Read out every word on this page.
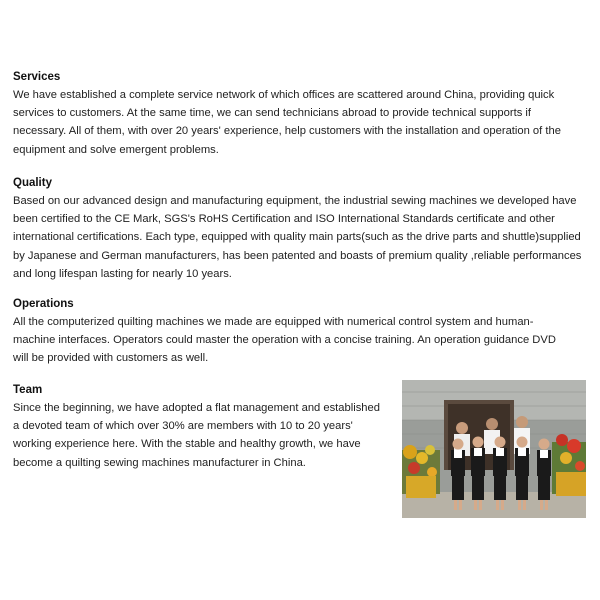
Services

We have established a complete service network of which offices are scattered around China, providing quick services to customers. At the same time, we can send technicians abroad to provide technical supports if necessary. All of them, with over 20 years' experience, help customers with the installation and operation of the equipment and solve emergent problems.

Quality

Based on our advanced design and manufacturing equipment, the industrial sewing machines we developed have been certified to the CE Mark, SGS's RoHS Certification and ISO International Standards certificate and other international certifications. Each type, equipped with quality main parts(such as the drive parts and shuttle)supplied by Japanese and German manufacturers, has been patented and boasts of premium quality ,reliable performances and long lifespan lasting for nearly 10 years.

Operations

All the computerized quilting machines we made are equipped with numerical control system and human-machine interfaces. Operators could master the operation with a concise training. An operation guidance DVD will be provided with customers as well.

Team

Since the beginning, we have adopted a flat management and established a devoted team of which over 30% are members with 10 to 20 years' working experience here. With the stable and healthy growth, we have become a quilting sewing machines manufacturer in China.
